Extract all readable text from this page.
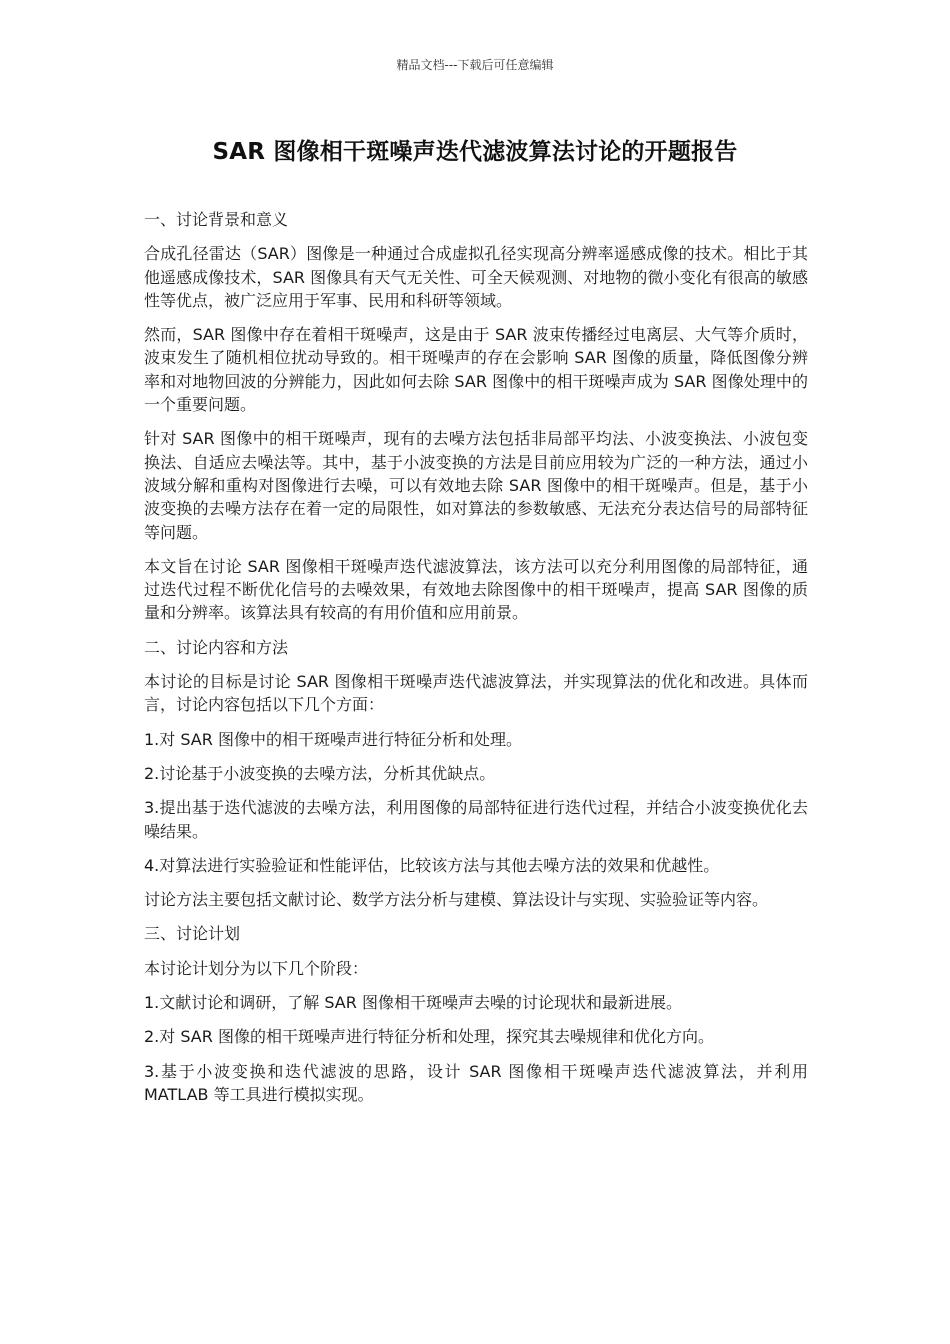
精品文档---下载后可任意编辑
SAR 图像相干斑噪声迭代滤波算法讨论的开题报告

一、讨论背景和意义

合成孔径雷达（SAR）图像是一种通过合成虚拟孔径实现高分辨率遥感成像的技术。相比于其他遥感成像技术，SAR 图像具有天气无关性、可全天候观测、对地物的微小变化有很高的敏感性等优点，被广泛应用于军事、民用和科研等领域。

然而，SAR 图像中存在着相干斑噪声，这是由于 SAR 波束传播经过电离层、大气等介质时，波束发生了随机相位扰动导致的。相干斑噪声的存在会影响 SAR 图像的质量，降低图像分辨率和对地物回波的分辨能力，因此如何去除 SAR 图像中的相干斑噪声成为 SAR 图像处理中的一个重要问题。

针对 SAR 图像中的相干斑噪声，现有的去噪方法包括非局部平均法、小波变换法、小波包变换法、自适应去噪法等。其中，基于小波变换的方法是目前应用较为广泛的一种方法，通过小波域分解和重构对图像进行去噪，可以有效地去除 SAR 图像中的相干斑噪声。但是，基于小波变换的去噪方法存在着一定的局限性，如对算法的参数敏感、无法充分表达信号的局部特征等问题。

本文旨在讨论 SAR 图像相干斑噪声迭代滤波算法，该方法可以充分利用图像的局部特征，通过迭代过程不断优化信号的去噪效果，有效地去除图像中的相干斑噪声，提高 SAR 图像的质量和分辨率。该算法具有较高的有用价值和应用前景。

二、讨论内容和方法

本讨论的目标是讨论 SAR 图像相干斑噪声迭代滤波算法，并实现算法的优化和改进。具体而言，讨论内容包括以下几个方面：

1.对 SAR 图像中的相干斑噪声进行特征分析和处理。

2.讨论基于小波变换的去噪方法，分析其优缺点。

3.提出基于迭代滤波的去噪方法，利用图像的局部特征进行迭代过程，并结合小波变换优化去噪结果。

4.对算法进行实验验证和性能评估，比较该方法与其他去噪方法的效果和优越性。

讨论方法主要包括文献讨论、数学方法分析与建模、算法设计与实现、实验验证等内容。

三、讨论计划

本讨论计划分为以下几个阶段：

1.文献讨论和调研，了解 SAR 图像相干斑噪声去噪的讨论现状和最新进展。

2.对 SAR 图像的相干斑噪声进行特征分析和处理，探究其去噪规律和优化方向。

3.基于小波变换和迭代滤波的思路，设计 SAR 图像相干斑噪声迭代滤波算法，并利用 MATLAB 等工具进行模拟实现。
